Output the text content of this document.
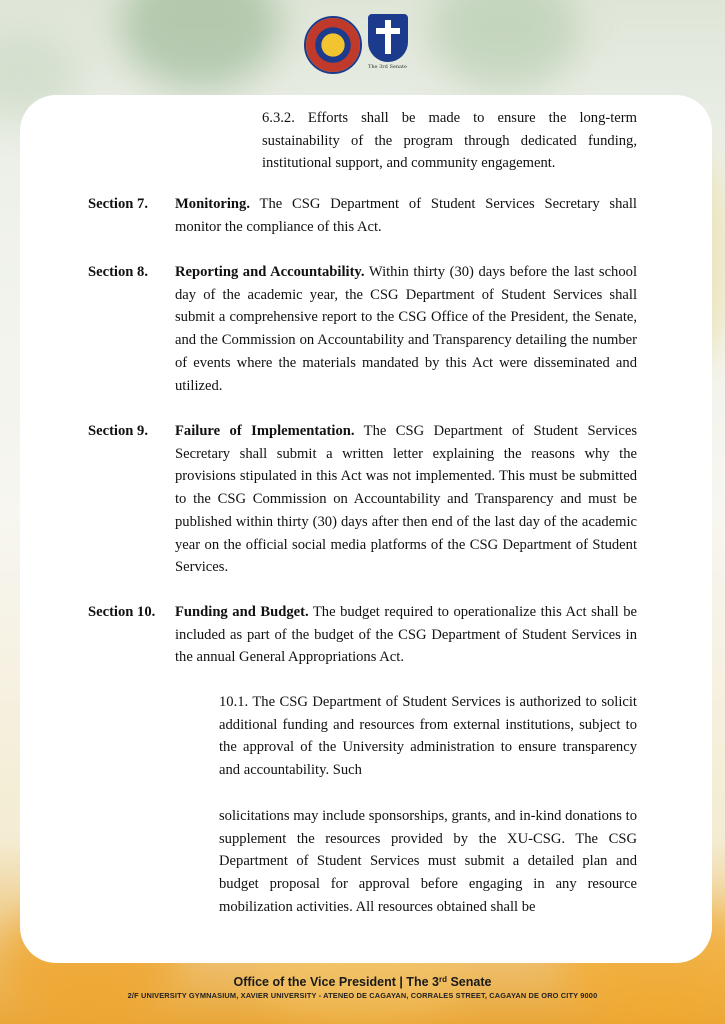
The 3rd Senate
6.3.2. Efforts shall be made to ensure the long-term sustainability of the program through dedicated funding, institutional support, and community engagement.
Section 7. Monitoring. The CSG Department of Student Services Secretary shall monitor the compliance of this Act.
Section 8. Reporting and Accountability. Within thirty (30) days before the last school day of the academic year, the CSG Department of Student Services shall submit a comprehensive report to the CSG Office of the President, the Senate, and the Commission on Accountability and Transparency detailing the number of events where the materials mandated by this Act were disseminated and utilized.
Section 9. Failure of Implementation. The CSG Department of Student Services Secretary shall submit a written letter explaining the reasons why the provisions stipulated in this Act was not implemented. This must be submitted to the CSG Commission on Accountability and Transparency and must be published within thirty (30) days after then end of the last day of the academic year on the official social media platforms of the CSG Department of Student Services.
Section 10. Funding and Budget. The budget required to operationalize this Act shall be included as part of the budget of the CSG Department of Student Services in the annual General Appropriations Act.
10.1. The CSG Department of Student Services is authorized to solicit additional funding and resources from external institutions, subject to the approval of the University administration to ensure transparency and accountability. Such
solicitations may include sponsorships, grants, and in-kind donations to supplement the resources provided by the XU-CSG. The CSG Department of Student Services must submit a detailed plan and budget proposal for approval before engaging in any resource mobilization activities. All resources obtained shall be
Office of the Vice President | The 3rd Senate
2/F UNIVERSITY GYMNASIUM, XAVIER UNIVERSITY - ATENEO DE CAGAYAN, CORRALES STREET, CAGAYAN DE ORO CITY 9000
